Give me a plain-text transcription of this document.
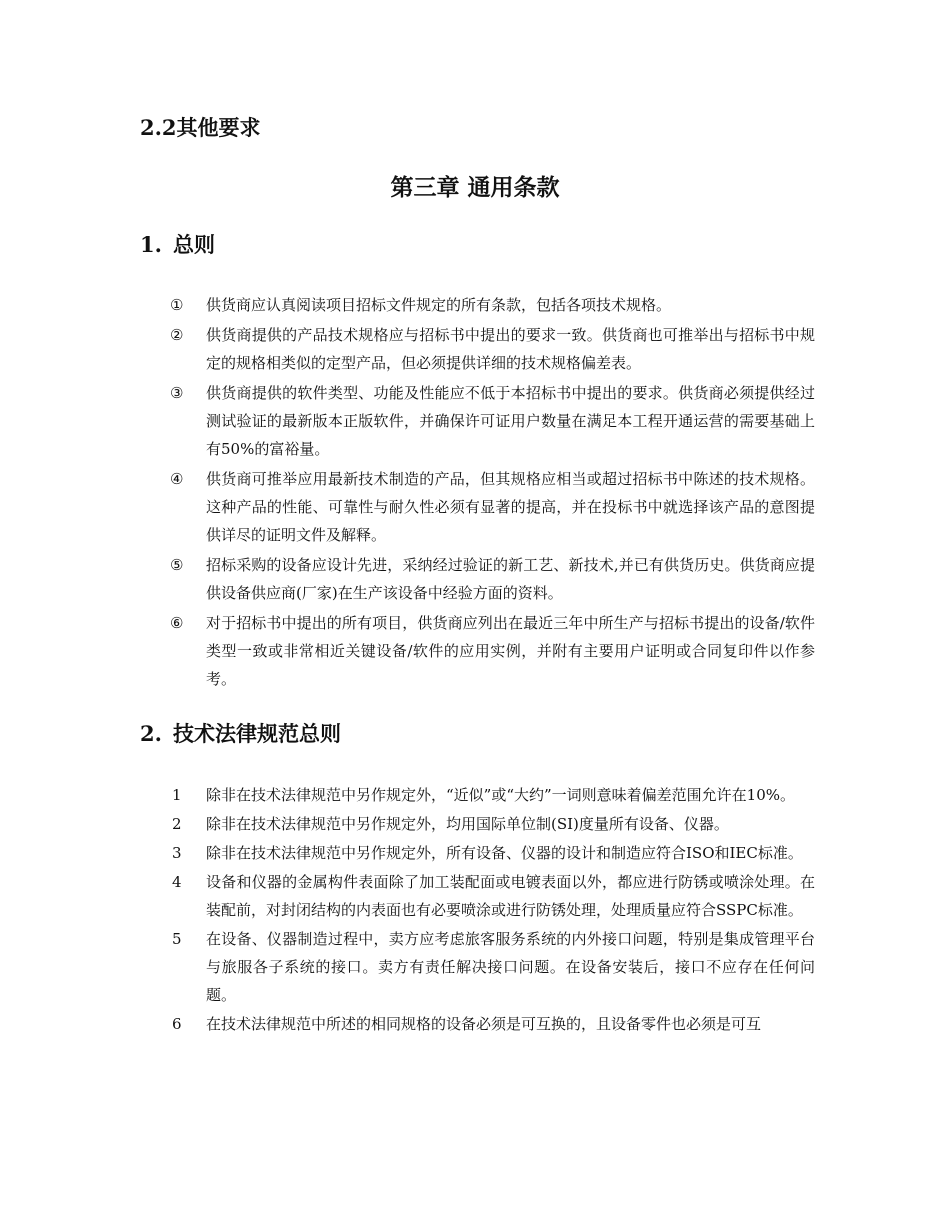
2.2其他要求
第三章 通用条款
1. 总则
①	供货商应认真阅读项目招标文件规定的所有条款，包括各项技术规格。
②	供货商提供的产品技术规格应与招标书中提出的要求一致。供货商也可推举出与招标书中规定的规格相类似的定型产品，但必须提供详细的技术规格偏差表。
③	供货商提供的软件类型、功能及性能应不低于本招标书中提出的要求。供货商必须提供经过测试验证的最新版本正版软件，并确保许可证用户数量在满足本工程开通运营的需要基础上有50%的富裕量。
④	供货商可推举应用最新技术制造的产品，但其规格应相当或超过招标书中陈述的技术规格。这种产品的性能、可靠性与耐久性必须有显著的提高，并在投标书中就选择该产品的意图提供详尽的证明文件及解释。
⑤	招标采购的设备应设计先进，采纳经过验证的新工艺、新技术,并已有供货历史。供货商应提供设备供应商(厂家)在生产该设备中经验方面的资料。
⑥	对于招标书中提出的所有项目，供货商应列出在最近三年中所生产与招标书提出的设备/软件类型一致或非常相近关键设备/软件的应用实例，并附有主要用户证明或合同复印件以作参考。
2. 技术法律规范总则
1	除非在技术法律规范中另作规定外，“近似”或“大约”一词则意味着偏差范围允许在10%。
2	除非在技术法律规范中另作规定外，均用国际单位制(SI)度量所有设备、仪器。
3	除非在技术法律规范中另作规定外，所有设备、仪器的设计和制造应符合ISO和IEC标准。
4	设备和仪器的金属构件表面除了加工装配面或电镀表面以外，都应进行防锈或喷涂处理。在装配前，对封闭结构的内表面也有必要喷涂或进行防锈处理，处理质量应符合SSPC标准。
5	在设备、仪器制造过程中，卖方应考虑旅客服务系统的内外接口问题，特别是集成管理平台与旅服各子系统的接口。卖方有责任解决接口问题。在设备安装后，接口不应存在任何问题。
6	在技术法律规范中所述的相同规格的设备必须是可互换的，且设备零件也必须是可互
